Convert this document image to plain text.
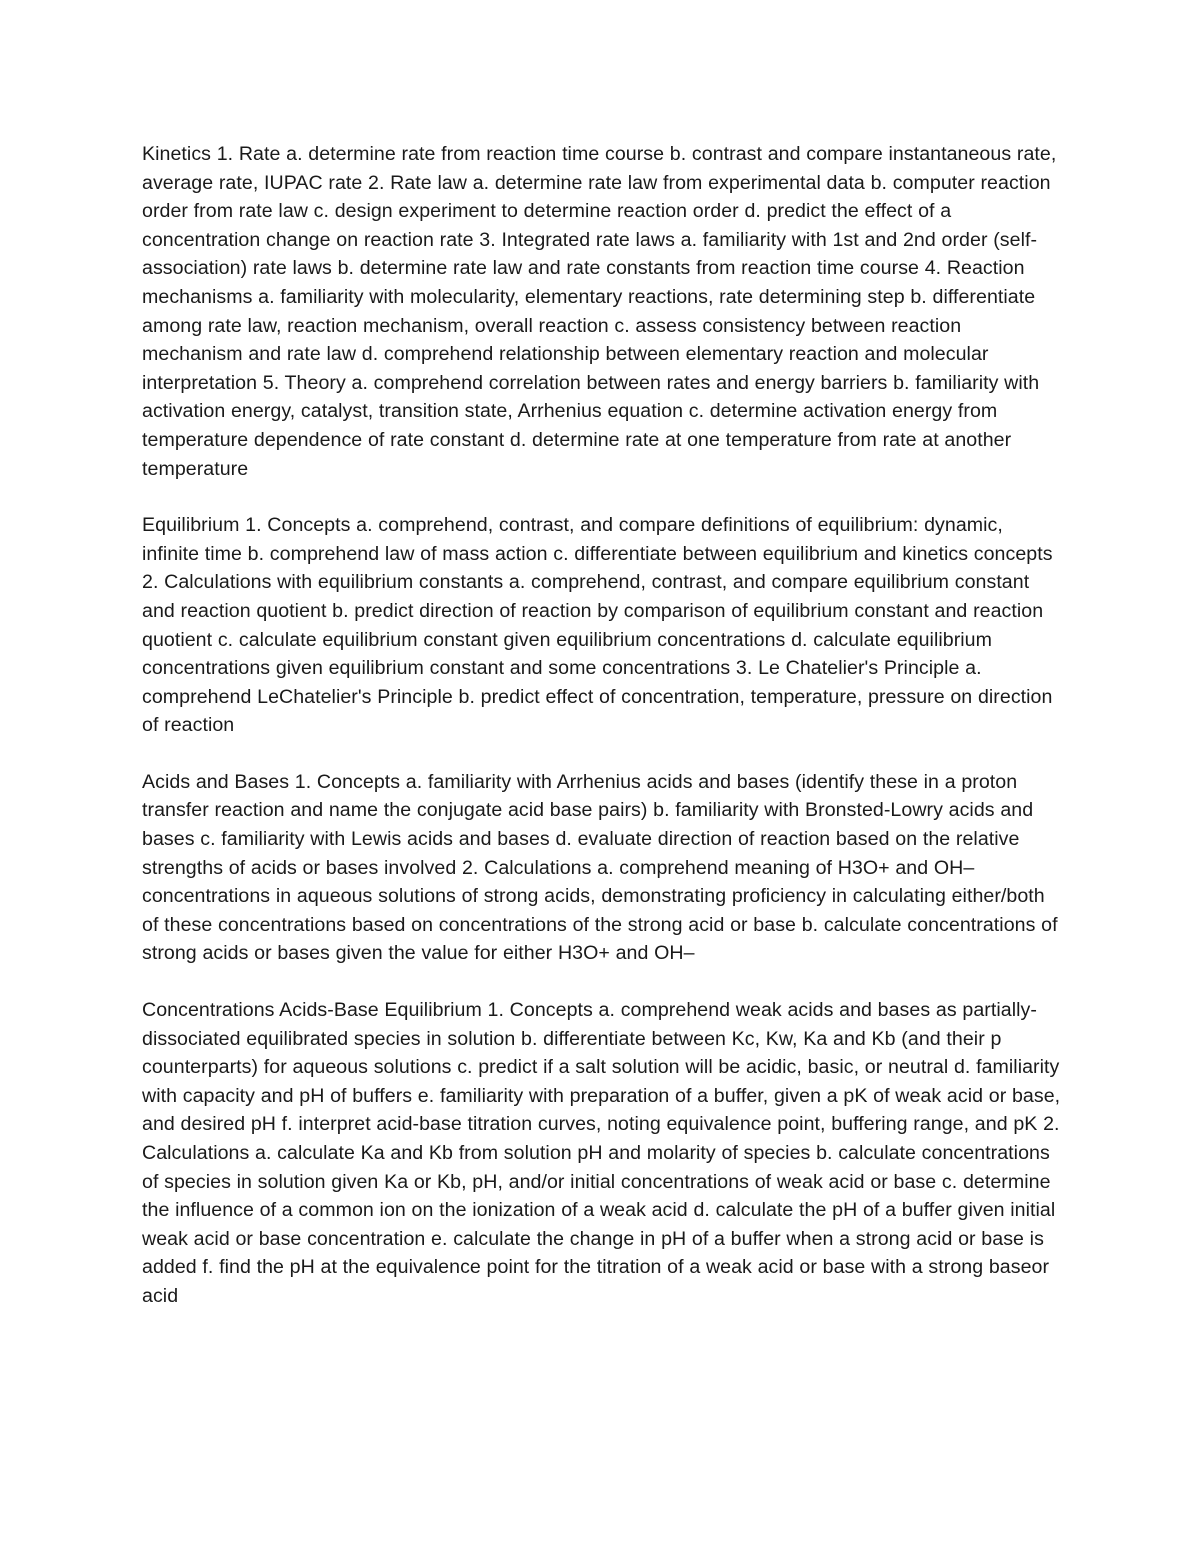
Kinetics 1. Rate a. determine rate from reaction time course b. contrast and compare instantaneous rate, average rate, IUPAC rate 2. Rate law a. determine rate law from experimental data b. computer reaction order from rate law c. design experiment to determine reaction order d. predict the effect of a concentration change on reaction rate 3. Integrated rate laws a. familiarity with 1st and 2nd order (self-association) rate laws b. determine rate law and rate constants from reaction time course 4. Reaction mechanisms a. familiarity with molecularity, elementary reactions, rate determining step b. differentiate among rate law, reaction mechanism, overall reaction c. assess consistency between reaction mechanism and rate law d. comprehend relationship between elementary reaction and molecular interpretation 5. Theory a. comprehend correlation between rates and energy barriers b. familiarity with activation energy, catalyst, transition state, Arrhenius equation c. determine activation energy from temperature dependence of rate constant d. determine rate at one temperature from rate at another temperature

Equilibrium 1. Concepts a. comprehend, contrast, and compare definitions of equilibrium: dynamic, infinite time b. comprehend law of mass action c. differentiate between equilibrium and kinetics concepts 2. Calculations with equilibrium constants a. comprehend, contrast, and compare equilibrium constant and reaction quotient b. predict direction of reaction by comparison of equilibrium constant and reaction quotient c. calculate equilibrium constant given equilibrium concentrations d. calculate equilibrium concentrations given equilibrium constant and some concentrations 3. Le Chatelier's Principle a. comprehend LeChatelier's Principle b. predict effect of concentration, temperature, pressure on direction of reaction

Acids and Bases 1. Concepts a. familiarity with Arrhenius acids and bases (identify these in a proton transfer reaction and name the conjugate acid base pairs) b. familiarity with Bronsted-Lowry acids and bases c. familiarity with Lewis acids and bases d. evaluate direction of reaction based on the relative strengths of acids or bases involved 2. Calculations a. comprehend meaning of H3O+ and OH– concentrations in aqueous solutions of strong acids, demonstrating proficiency in calculating either/both of these concentrations based on concentrations of the strong acid or base b. calculate concentrations of strong acids or bases given the value for either H3O+ and OH–

Concentrations Acids-Base Equilibrium 1. Concepts a. comprehend weak acids and bases as partially-dissociated equilibrated species in solution b. differentiate between Kc, Kw, Ka and Kb (and their p counterparts) for aqueous solutions c. predict if a salt solution will be acidic, basic, or neutral d. familiarity with capacity and pH of buffers e. familiarity with preparation of a buffer, given a pK of weak acid or base, and desired pH f. interpret acid-base titration curves, noting equivalence point, buffering range, and pK 2. Calculations a. calculate Ka and Kb from solution pH and molarity of species b. calculate concentrations of species in solution given Ka or Kb, pH, and/or initial concentrations of weak acid or base c. determine the influence of a common ion on the ionization of a weak acid d. calculate the pH of a buffer given initial weak acid or base concentration e. calculate the change in pH of a buffer when a strong acid or base is added f. find the pH at the equivalence point for the titration of a weak acid or base with a strong baseor acid
